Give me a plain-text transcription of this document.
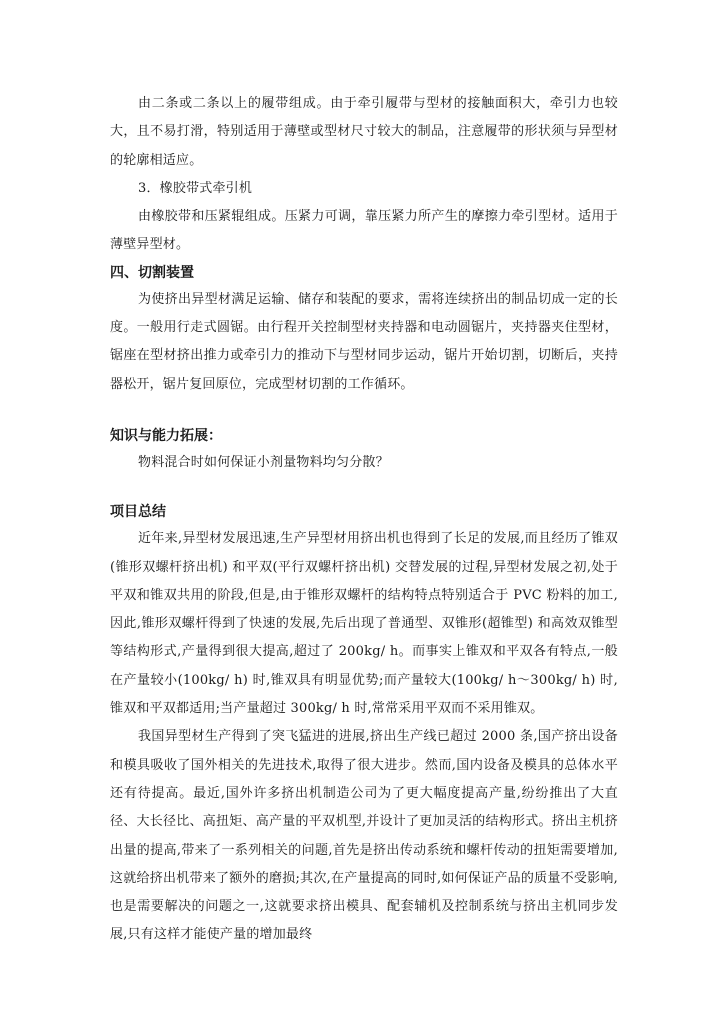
由二条或二条以上的履带组成。由于牵引履带与型材的接触面积大，牵引力也较大，且不易打滑，特别适用于薄壁或型材尺寸较大的制品，注意履带的形状须与异型材的轮廓相适应。

3．橡胶带式牵引机

由橡胶带和压紧辊组成。压紧力可调，靠压紧力所产生的摩擦力牵引型材。适用于薄壁异型材。

四、切割装置

为使挤出异型材满足运输、储存和装配的要求，需将连续挤出的制品切成一定的长度。一般用行走式圆锯。由行程开关控制型材夹持器和电动圆锯片，夹持器夹住型材，锯座在型材挤出推力或牵引力的推动下与型材同步运动，锯片开始切割，切断后，夹持器松开，锯片复回原位，完成型材切割的工作循环。

知识与能力拓展：

物料混合时如何保证小剂量物料均匀分散？

项目总结

近年来,异型材发展迅速,生产异型材用挤出机也得到了长足的发展,而且经历了锥双(锥形双螺杆挤出机) 和平双(平行双螺杆挤出机) 交替发展的过程,异型材发展之初,处于平双和锥双共用的阶段,但是,由于锥形双螺杆的结构特点特别适合于 PVC 粉料的加工,因此,锥形双螺杆得到了快速的发展,先后出现了普通型、双锥形(超锥型) 和高效双锥型等结构形式,产量得到很大提高,超过了 200kg/ h。而事实上锥双和平双各有特点,一般在产量较小(100kg/ h) 时,锥双具有明显优势;而产量较大(100kg/ h～300kg/ h) 时,锥双和平双都适用;当产量超过 300kg/ h 时,常常采用平双而不采用锥双。

我国异型材生产得到了突飞猛进的进展,挤出生产线已超过 2000 条,国产挤出设备和模具吸收了国外相关的先进技术,取得了很大进步。然而,国内设备及模具的总体水平还有待提高。最近,国外许多挤出机制造公司为了更大幅度提高产量,纷纷推出了大直径、大长径比、高扭矩、高产量的平双机型,并设计了更加灵活的结构形式。挤出主机挤出量的提高,带来了一系列相关的问题,首先是挤出传动系统和螺杆传动的扭矩需要增加,这就给挤出机带来了额外的磨损;其次,在产量提高的同时,如何保证产品的质量不受影响,也是需要解决的问题之一,这就要求挤出模具、配套辅机及控制系统与挤出主机同步发展,只有这样才能使产量的增加最终
